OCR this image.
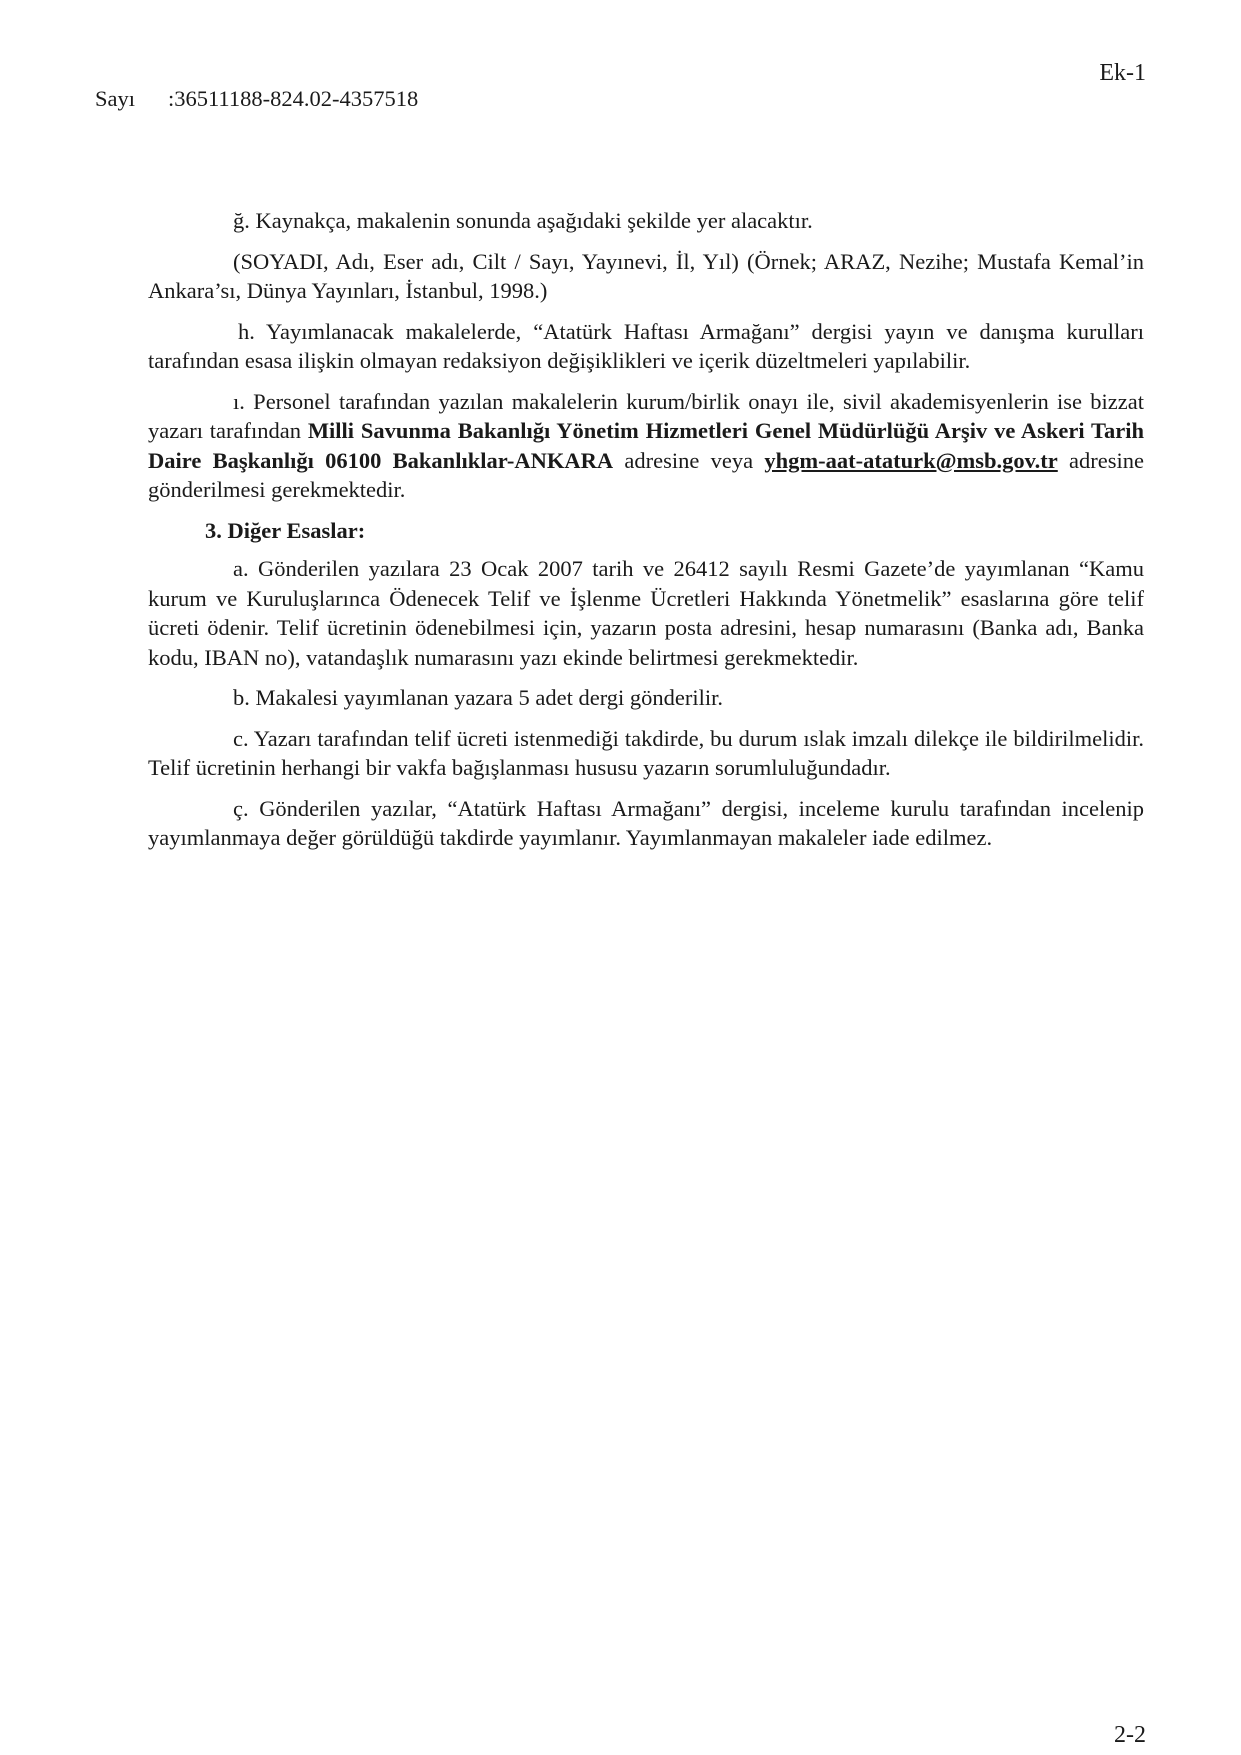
Ek-1
Sayı :36511188-824.02-4357518

ğ. Kaynakça, makalenin sonunda aşağıdaki şekilde yer alacaktır.

(SOYADI, Adı, Eser adı, Cilt / Sayı, Yayınevi, İl, Yıl) (Örnek; ARAZ, Nezihe; Mustafa Kemal’in Ankara’sı, Dünya Yayınları, İstanbul, 1998.)

h. Yayımlanacak makalelerde, “Atatürk Haftası Armağanı” dergisi yayın ve danışma kurulları tarafından esasa ilişkin olmayan redaksiyon değişiklikleri ve içerik düzeltmeleri yapılabilir.

ı. Personel tarafından yazılan makalelerin kurum/birlik onayı ile, sivil akademisyenlerin ise bizzat yazarı tarafından Milli Savunma Bakanlığı Yönetim Hizmetleri Genel Müdürlüğü Arşiv ve Askeri Tarih Daire Başkanlığı 06100 Bakanlıklar-ANKARA adresine veya yhgm-aat-ataturk@msb.gov.tr adresine gönderilmesi gerekmektedir.

3. Diğer Esaslar:

a. Gönderilen yazılara 23 Ocak 2007 tarih ve 26412 sayılı Resmi Gazete’de yayımlanan “Kamu kurum ve Kuruluşlarınca Ödenecek Telif ve İşlenme Ücretleri Hakkında Yönetmelik” esaslarına göre telif ücreti ödenir. Telif ücretinin ödenebilmesi için, yazarın posta adresini, hesap numarasını (Banka adı, Banka kodu, IBAN no), vatandaşlık numarasını yazı ekinde belirtmesi gerekmektedir.

b. Makalesi yayımlanan yazara 5 adet dergi gönderilir.

c. Yazarı tarafından telif ücreti istenmediği takdirde, bu durum ıslak imzalı dilekçe ile bildirilmelidir. Telif ücretinin herhangi bir vakfa bağışlanması hususu yazarın sorumluluğundadır.

ç. Gönderilen yazılar, “Atatürk Haftası Armağanı” dergisi, inceleme kurulu tarafından incelenip yayımlanmaya değer görüldüğü takdirde yayımlanır. Yayımlanmayan makaleler iade edilmez.

2-2
